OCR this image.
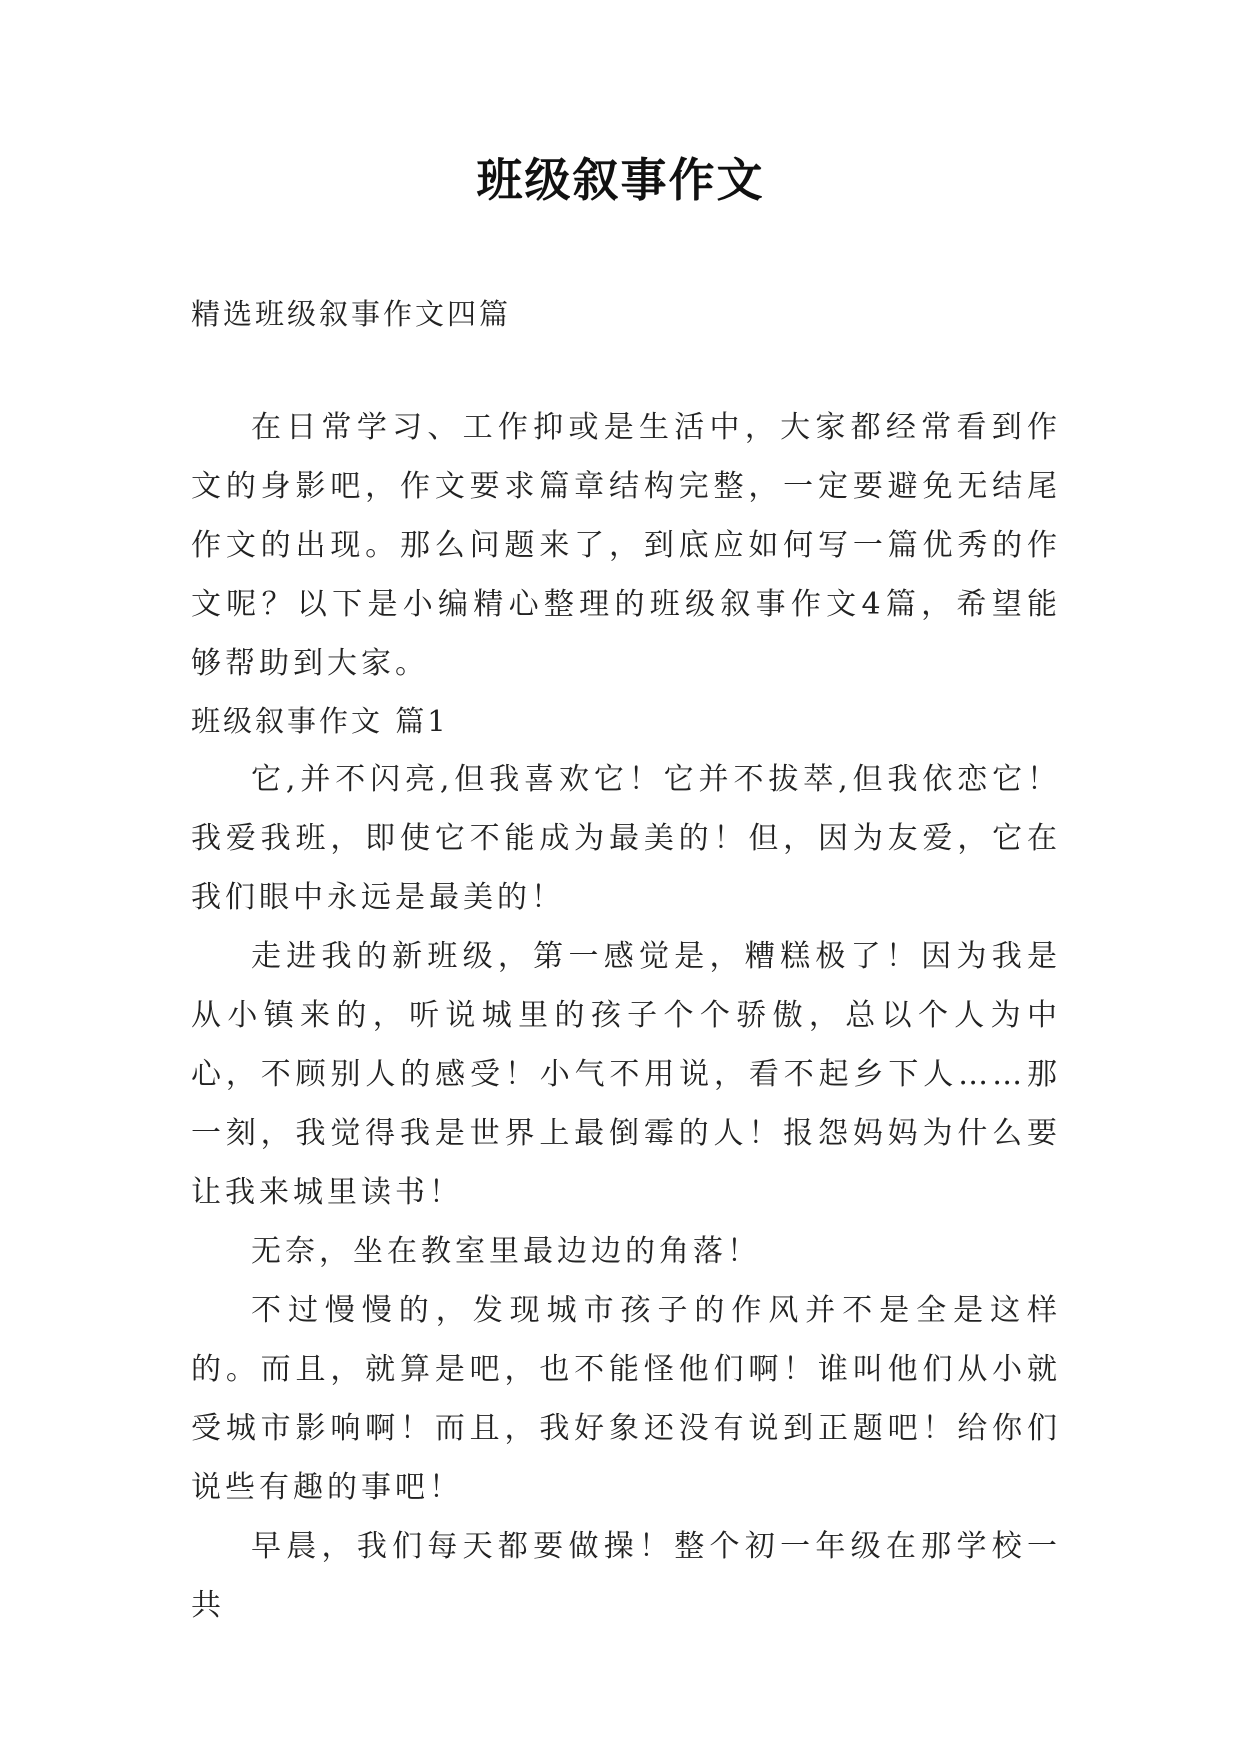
班级叙事作文

精选班级叙事作文四篇

在日常学习、工作抑或是生活中，大家都经常看到作文的身影吧，作文要求篇章结构完整，一定要避免无结尾作文的出现。那么问题来了，到底应如何写一篇优秀的作文呢？以下是小编精心整理的班级叙事作文4篇，希望能够帮助到大家。

班级叙事作文 篇1

它,并不闪亮,但我喜欢它！它并不拔萃,但我依恋它！我爱我班，即使它不能成为最美的！但，因为友爱，它在我们眼中永远是最美的！

走进我的新班级，第一感觉是，糟糕极了！因为我是从小镇来的，听说城里的孩子个个骄傲，总以个人为中心，不顾别人的感受！小气不用说，看不起乡下人……那一刻，我觉得我是世界上最倒霉的人！报怨妈妈为什么要让我来城里读书！

无奈，坐在教室里最边边的角落！

不过慢慢的，发现城市孩子的作风并不是全是这样的。而且，就算是吧，也不能怪他们啊！谁叫他们从小就受城市影响啊！而且，我好象还没有说到正题吧！给你们说些有趣的事吧！

早晨，我们每天都要做操！整个初一年级在那学校一共
